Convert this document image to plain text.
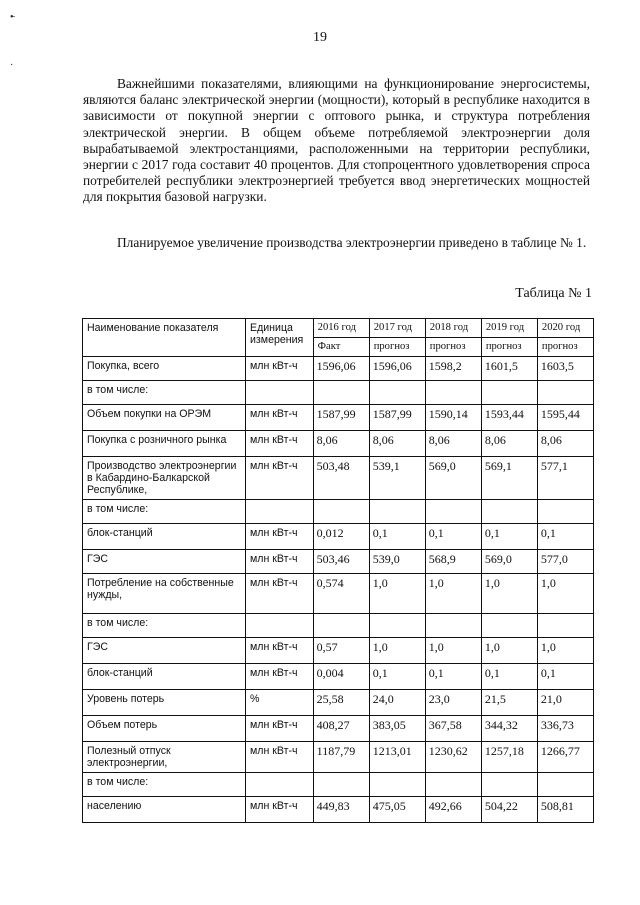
•̵
·
19

Важнейшими показателями, влияющими на функционирование энергосистемы, являются баланс электрической энергии (мощности), который в республике находится в зависимости от покупной энергии с оптового рынка, и структура потребления электрической энергии. В общем объеме потребляемой электроэнергии доля вырабатываемой электростанциями, расположенными на территории республики, энергии с 2017 года составит 40 процентов. Для стопроцентного удовлетворения спроса потребителей республики электроэнергией требуется ввод энергетических мощностей для покрытия базовой нагрузки.

Планируемое увеличение производства электроэнергии приведено в таблице № 1.

Таблица № 1
Наименование показателя	Единица измерения	2016 год	2017 год	2018 год	2019 год	2020 год
		Факт	прогноз	прогноз	прогноз	прогноз
Покупка, всего	млн кВт-ч	1596,06	1596,06	1598,2	1601,5	1603,5
в том числе:						
Объем покупки на ОРЭМ	млн кВт-ч	1587,99	1587,99	1590,14	1593,44	1595,44
Покупка с розничного рынка	млн кВт-ч	8,06	8,06	8,06	8,06	8,06
Производство электроэнергии в Кабардино-Балкарской Республике,	млн кВт-ч	503,48	539,1	569,0	569,1	577,1
в том числе:						
блок-станций	млн кВт-ч	0,012	0,1	0,1	0,1	0,1
ГЭС	млн кВт-ч	503,46	539,0	568,9	569,0	577,0
Потребление на собственные нужды,	млн кВт-ч	0,574	1,0	1,0	1,0	1,0
в том числе:						
ГЭС	млн кВт-ч	0,57	1,0	1,0	1,0	1,0
блок-станций	млн кВт-ч	0,004	0,1	0,1	0,1	0,1
Уровень потерь	%	25,58	24,0	23,0	21,5	21,0
Объем потерь	млн кВт-ч	408,27	383,05	367,58	344,32	336,73
Полезный отпуск электроэнергии,	млн кВт-ч	1187,79	1213,01	1230,62	1257,18	1266,77
в том числе:						
населению	млн кВт-ч	449,83	475,05	492,66	504,22	508,81
